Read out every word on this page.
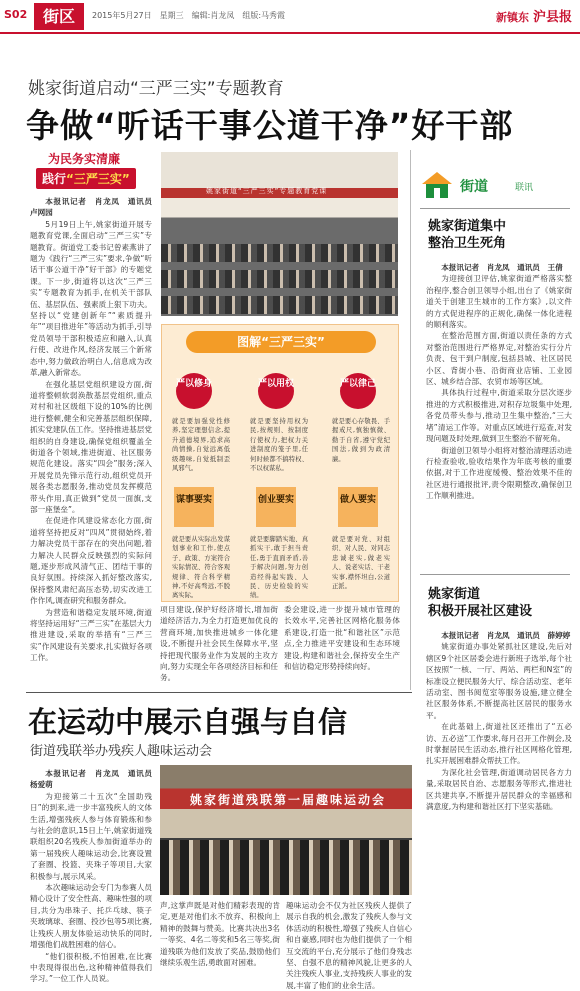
S02 街区	2015年5月27日　星期三　编辑:肖龙凤　组版:马秀霞	新镇东 沪县报
姚家街道启动“三严三实”专题教育
争做“听话干事公道干净”好干部
为民务实清廉
践行“三严三实”
本报讯记者　肖龙凤　通讯员　卢网园
5月19日上午,姚家街道开展专题教育党课,全面启动“三严三实”专题教育。街道党工委书记曾素燕讲了题为《践行“三严三实”要求,争做“听话干事公道干净”好干部》的专题党课。下一步,街道将以这次“三严三实”专题教育为抓手,在机关干部队伍、基层队伍、强素质上狠下功夫。坚持以“党建创新年”“素质提升年”“项目推进年”等活动为抓手,引导党员领导干部积极适应和融入,认真行使、改进作风,经济发展三个新常态中,努力做政治明白人,信息成为改革,融入新常态。
在强化基层党组织建设方面,街道将整顿软弱涣散基层党组织,重点对村和社区级组下设的10%的比例进行整顿,健全和完善基层组织保障,抓实党建队伍工作。坚持推进基层党组织的自身建设,确保党组织覆盖全街道各个领域,推进街道、社区服务规范化建设。落实“四会”服务;深入开展党员先锋示范行动,组织党员开展各类志愿服务,推动党员发挥模范带头作用,真正做到“党员一面旗,支部一座堡垒”。
在促进作风建设常态化方面,街道将坚持把反对“四风”贯彻始终,着力解决党员干部存在的突出问题,着力解决人民群众反映强烈的实际问题,逐步形成风清气正、团结干事的良好氛围。持续深入抓好整改落实,保持整风肃纪高压态势,切实改进工作作风,调查研究和服务群众。
为营造和谐稳定发展环境,街道将坚持运用好“三严三实”在基层大力推进建设,采取的举措有“三严三实”作风建设有关要求,扎实做好各项工作。
姚家街道“三严三实”专题教育党课
图解“三严三实”
严以修身
就是要加强党性修养,坚定理想信念,提升道德境界,追求高尚情操,自觉远离低级趣味,自觉抵制歪风邪气。
严以用权
就是要坚持用权为民,按规则、按制度行使权力,把权力关进制度的笼子里,任何时候都不搞特权、不以权谋私。
严以律己
就是要心存敬畏、手握戒尺,慎独慎微、勤于自省,遵守党纪国法,做到为政清廉。
谋事要实
就是要从实际出发谋划事业和工作,使点子、政策、方案符合实际情况、符合客观规律、符合科学精神,不好高骛远,不脱离实际。
创业要实
就是要脚踏实地、真抓实干,敢于担当责任,勇于直面矛盾,善于解决问题,努力创造经得起实践、人民、历史检验的实绩。
做人要实
就是要对党、对组织、对人民、对同志忠诚老实,做老实人、说老实话、干老实事,襟怀坦白,公道正派。
项目建设,保护好经济增长,增加街道经济活力,为全力打造更加优良的营商环境,加快推进城乡一体化建设,不断提升社会民生保障水平,坚持把现代服务业作为发展的主攻方向,努力实现全年各项经济目标和任务。
委会建设,进一步提升城市管理的长效水平,完善社区网格化服务体系建设,打造一批“和谐社区”示范点,全力推进平安建设和生态环境建设,构建和谐社会,保持安全生产和信访稳定形势持续向好。
街道	联讯
姚家街道集中
整治卫生死角
本报讯记者　肖龙凤　通讯员　王倩
为迎接创卫评估,姚家街道严格落实整治程序,整合创卫领导小组,出台了《姚家街道关于创建卫生城市的工作方案》,以文件的方式促进程序的正规化,确保一体化进程的顺利落实。
在整治范围方面,街道以责任条的方式对整治范围进行严格界定,对整治实行分片负责、包干到户制度,包括县城、社区居民小区、背街小巷、沿街商业店铺、工业园区、城乡结合部、农贸市场等区域。
具体执行过程中,街道采取分层次逐步推进的方式积极推进,对积存垃圾集中处理,各党员带头参与,推动卫生集中整治,“三大堵”清运工作等。对重点区域进行巡查,对发现问题及时处理,做到卫生整治不留死角。
街道创卫领导小组将对整治清理活动进行检查验收,验收结果作为年底考核的重要依据,对于工作进度缓慢、整治效果不佳的社区进行通报批评,责令限期整改,确保创卫工作顺利推进。
姚家街道
积极开展社区建设
本报讯记者　肖龙凤　通讯员　薛婷婷
姚家街道办事处紧抓社区建设,先后对辖区9个社区居委会进行新班子选举,每个社区按照“一核、一厅、两站、两栏和N室”的标准设立便民服务大厅、综合活动室、老年活动室、图书阅览室等服务设施,建立健全社区服务体系,不断提高社区居民的服务水平。
在此基础上,街道社区还推出了“五必访、五必送”工作要求,每月召开工作例会,及时掌握居民生活动态,推行社区网格化管理,扎实开展困难群众帮扶工作。
为深化社会管理,街道调动居民各方力量,采取居民自治、志愿服务等形式,推进社区共建共享,不断提升居民群众的幸福感和满意度,为构建和谐社区打下坚实基础。
在运动中展示自强与自信
街道残联举办残疾人趣味运动会
本报讯记者　肖龙凤　通讯员　杨爱萌
为迎接第二十五次“全国助残日”的到来,进一步丰富残疾人的文体生活,增强残疾人参与体育锻炼和参与社会的意识,15日上午,姚家街道残联组织20名残疾人参加街道举办的第一届残疾人趣味运动会,比赛设置了套圈、投篮、夹珠子等项目,大家积极参与,展示风采。
本次趣味运动会专门为参赛人员精心设计了安全性高、趣味性强的项目,共分为串珠子、托乒乓球、筷子夹玻璃球、套圈、投沙包等5项比赛,让残疾人朋友体验运动快乐的同时,增强他们战胜困难的信心。
“他们很积极,不怕困难,在比赛中表现得很出色,这种精神值得我们学习。”一位工作人员说。
姚家街道残联第一届趣味运动会
声,这掌声既是对他们精彩表现的肯定,更是对他们永不放弃、积极向上精神的鼓舞与赞美。比赛共决出3名一等奖、4名二等奖和5名三等奖,街道残联为他们发放了奖品,鼓励他们继续乐观生活,勇敢面对困难。
趣味运动会不仅为社区残疾人提供了展示自我的机会,激发了残疾人参与文体活动的积极性,增强了残疾人自信心和自豪感,同时也为他们提供了一个相互交流的平台,充分展示了他们身残志坚、自强不息的精神风貌,让更多的人关注残疾人事业,支持残疾人事业的发展,丰富了他们的业余生活。
